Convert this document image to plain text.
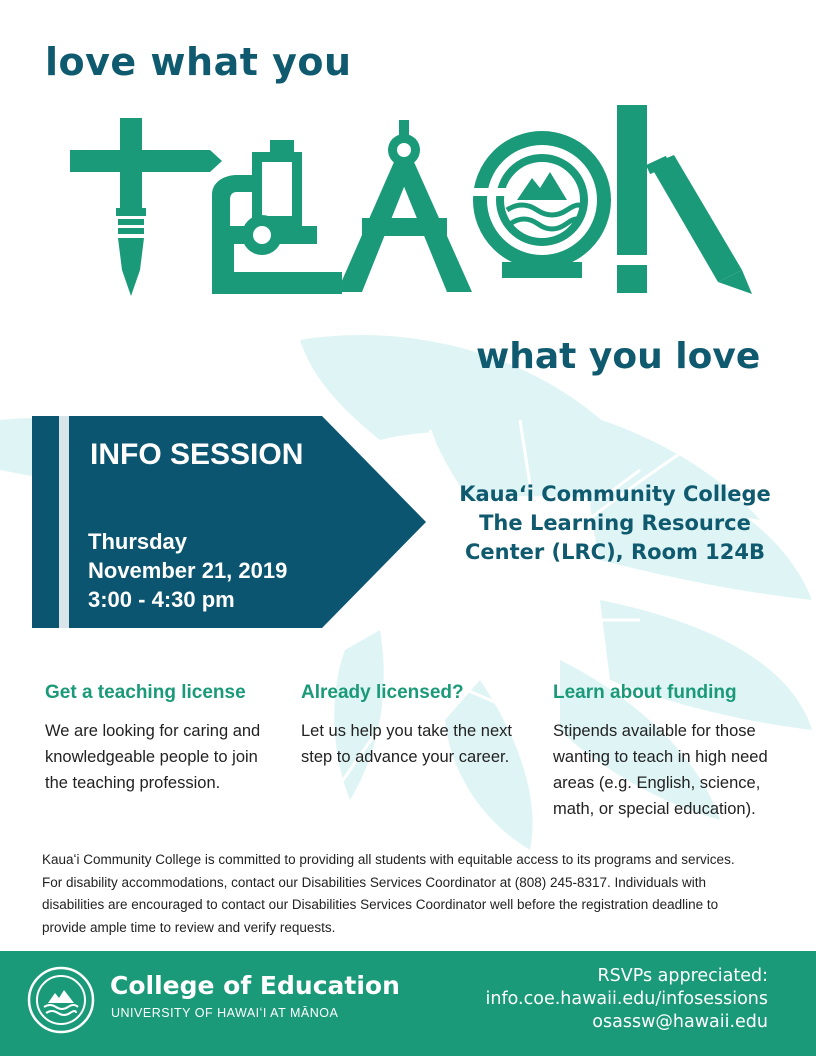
love what you
what you love
INFO SESSION
Thursday
November 21, 2019
3:00 - 4:30 pm
Kauaʻi Community College
The Learning Resource
Center (LRC), Room 124B
Get a teaching license

We are looking for caring and
knowledgeable people to join
the teaching profession.

Already licensed?

Let us help you take the next
step to advance your career.

Learn about funding

Stipends available for those
wanting to teach in high need
areas (e.g. English, science,
math, or special education).

Kauaʻi Community College is committed to providing all students with equitable access to its programs and services.
For disability accommodations, contact our Disabilities Services Coordinator at (808) 245-8317. Individuals with
disabilities are encouraged to contact our Disabilities Services Coordinator well before the registration deadline to
provide ample time to review and verify requests.

College of Education

UNIVERSITY OF HAWAIʻI AT MĀNOA

RSVPs appreciated:
info.coe.hawaii.edu/infosessions
osassw@hawaii.edu
